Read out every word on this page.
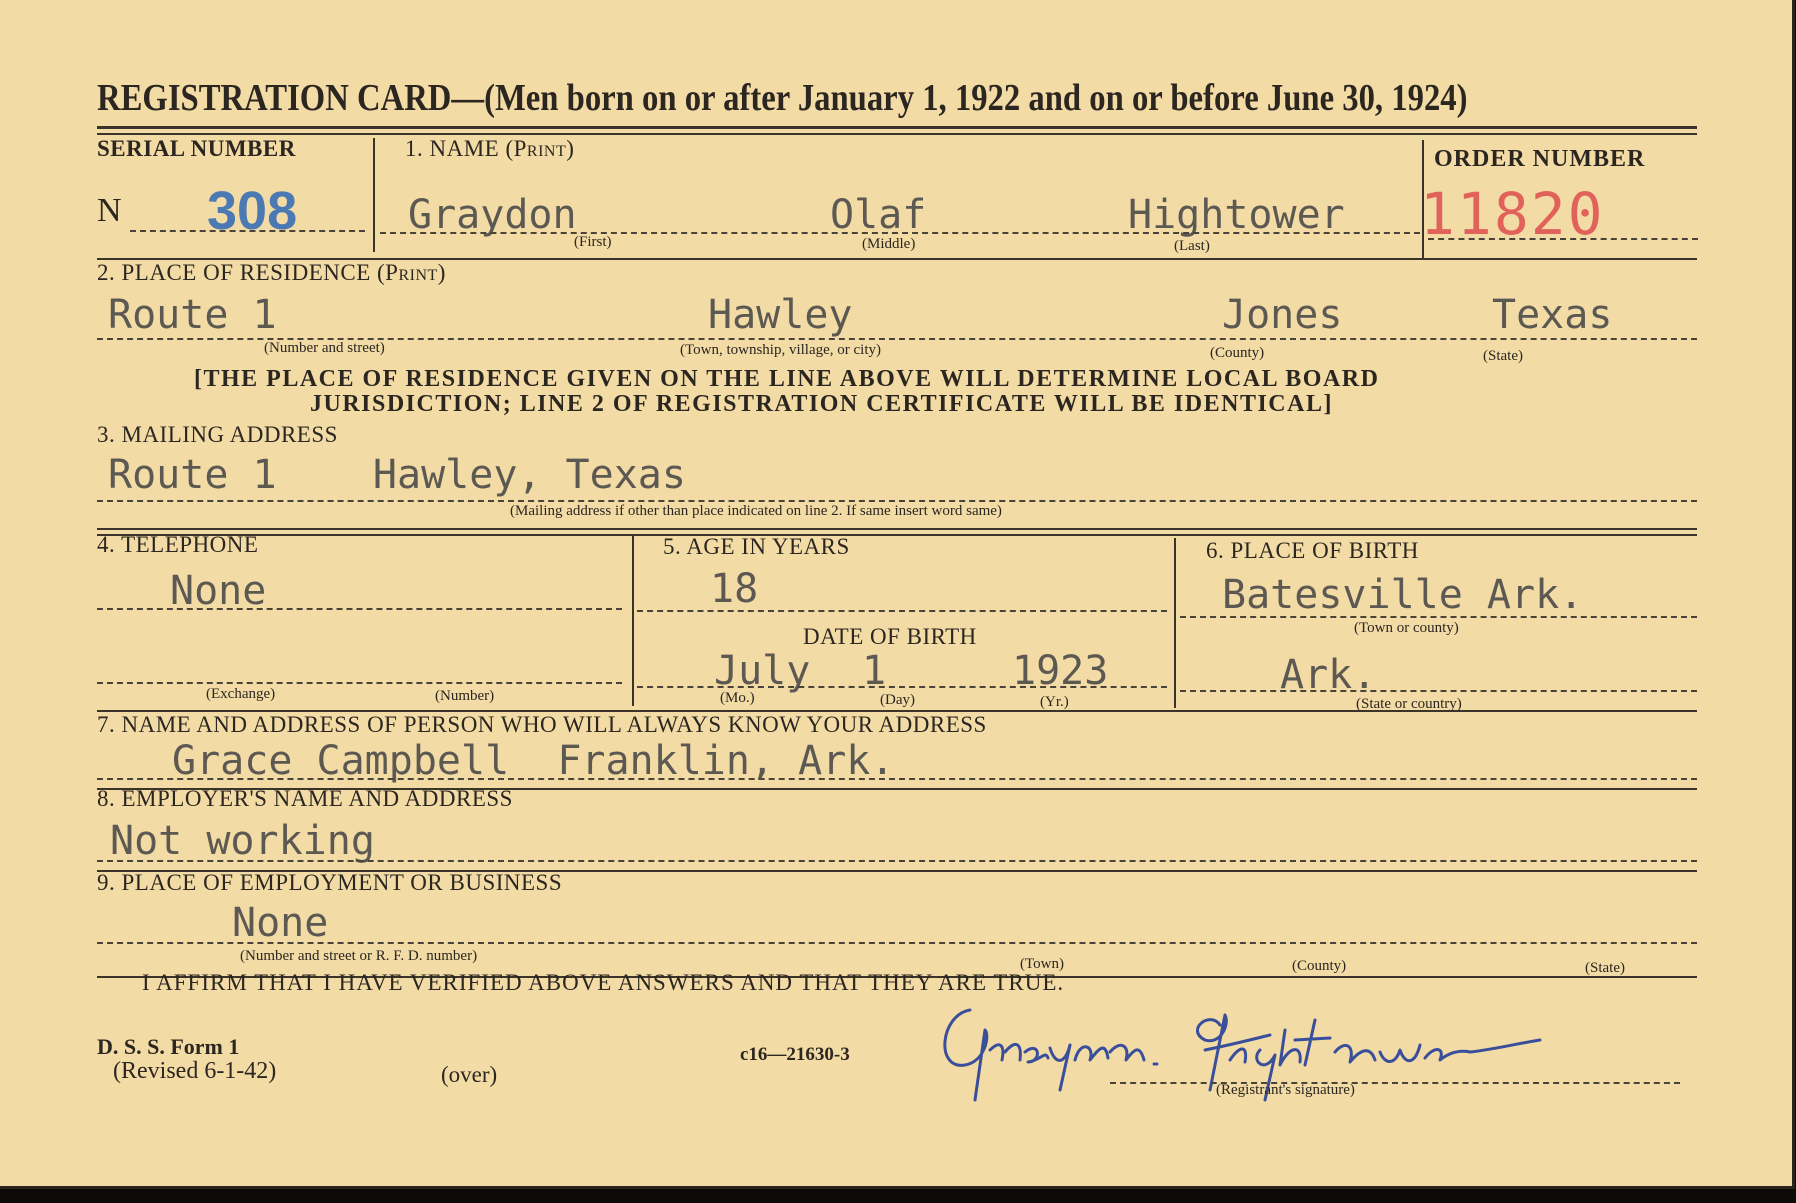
REGISTRATION CARD—(Men born on or after January 1, 1922 and on or before June 30, 1924)
SERIAL NUMBER
N 308
1. NAME (Print)
Graydon	Olaf	Hightower
(First)	(Middle)	(Last)
ORDER NUMBER
11820
2. PLACE OF RESIDENCE (Print)
Route 1	Hawley	Jones	Texas
(Number and street)	(Town, township, village, or city)	(County)	(State)
[THE PLACE OF RESIDENCE GIVEN ON THE LINE ABOVE WILL DETERMINE LOCAL BOARD
JURISDICTION; LINE 2 OF REGISTRATION CERTIFICATE WILL BE IDENTICAL]
3. MAILING ADDRESS
Route 1    Hawley, Texas
(Mailing address if other than place indicated on line 2. If same insert word same)
4. TELEPHONE
None
(Exchange)	(Number)
5. AGE IN YEARS
18
DATE OF BIRTH
July 1	1923
(Mo.)	(Day)	(Yr.)
6. PLACE OF BIRTH
Batesville Ark.
(Town or county)
Ark.
(State or country)
7. NAME AND ADDRESS OF PERSON WHO WILL ALWAYS KNOW YOUR ADDRESS
Grace Campbell  Franklin, Ark.
8. EMPLOYER'S NAME AND ADDRESS
Not working
9. PLACE OF EMPLOYMENT OR BUSINESS
None
(Number and street or R. F. D. number)	(Town)	(County)	(State)
I AFFIRM THAT I HAVE VERIFIED ABOVE ANSWERS AND THAT THEY ARE TRUE.
D. S. S. Form 1
(Revised 6-1-42)	(over)
c16—21630-3
(Registrant's signature)
